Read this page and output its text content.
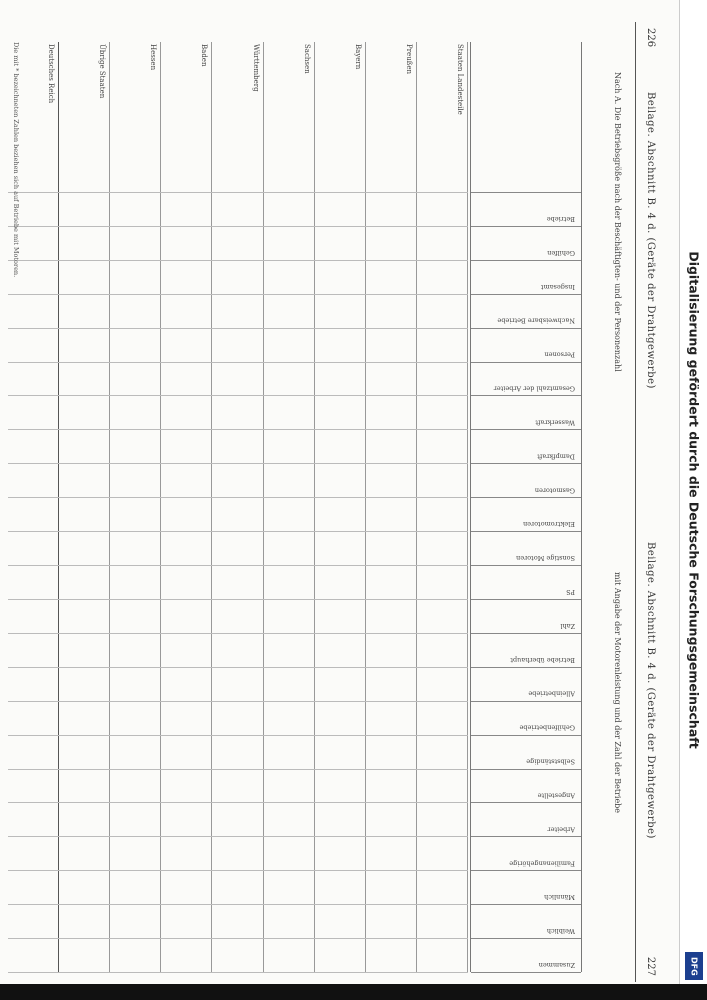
226
Beilage. Abschnitt B. 4 d. (Geräte der Drahtgewerbe)
Beilage. Abschnitt B. 4 d. (Geräte der Drahtgewerbe)
227
Nach A. Die Betriebsgröße nach der Beschäftigten- und der Personenzahl
mit Angabe der Motorenleistung und der Zahl der Betriebe
Betriebe
Gehilfen
Insgesamt
Nachweisbare Betriebe
Personen
Gesamtzahl der Arbeiter
Wasserkraft
Dampfkraft
Gasmotoren
Elektromotoren
Sonstige Motoren
PS
Zahl
Betriebe überhaupt
Alleinbetriebe
Gehilfenbetriebe
Selbstständige
Angestellte
Arbeiter
Familienangehörige
Männlich
Weiblich
Zusammen
Staaten Landesteile
Preußen
Bayern
Sachsen
Württemberg
Baden
Hessen
Übrige Staaten
Deutsches Reich
Die mit * bezeichneten Zahlen beziehen sich auf Betriebe mit Motoren.
Digitalisierung gefördert durch die Deutsche Forschungsgemeinschaft
DFG
